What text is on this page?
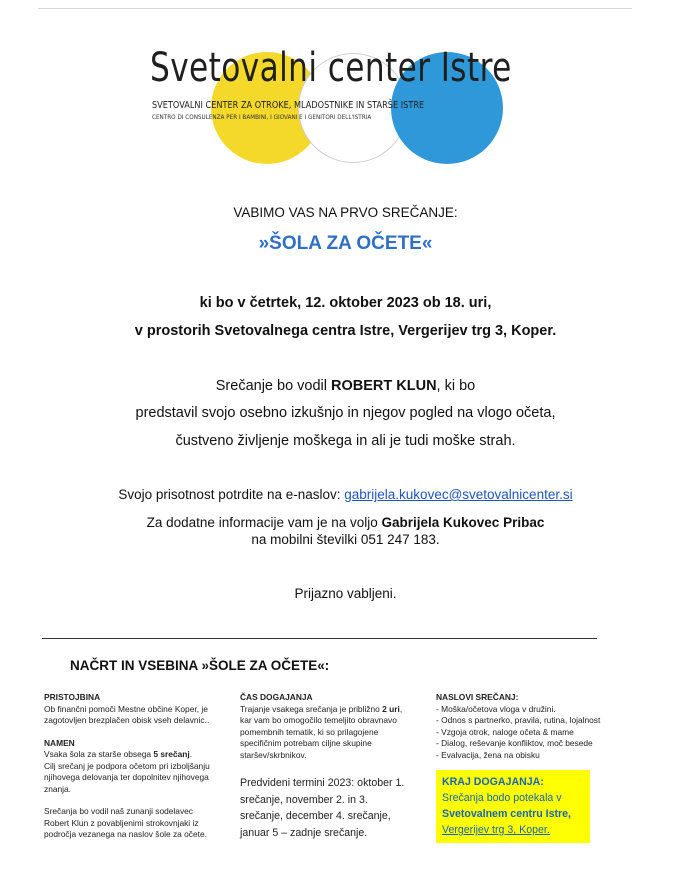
Svetovalni center Istre
SVETOVALNI CENTER ZA OTROKE, MLADOSTNIKE IN STARŠE ISTRE
CENTRO DI CONSULENZA PER I BAMBINI, I GIOVANI E I GENITORI DELL'ISTRIA
VABIMO VAS NA PRVO SREČANJE:
»ŠOLA ZA OČETE«
ki bo v četrtek, 12. oktober 2023 ob 18. uri,
v prostorih Svetovalnega centra Istre, Vergerijev trg 3, Koper.
Srečanje bo vodil ROBERT KLUN, ki bo
predstavil svojo osebno izkušnjo in njegov pogled na vlogo očeta,
čustveno življenje moškega in ali je tudi moške strah.
Svojo prisotnost potrdite na e-naslov: gabrijela.kukovec@svetovalnicenter.si
Za dodatne informacije vam je na voljo Gabrijela Kukovec Pribac
na mobilni številki 051 247 183.
Prijazno vabljeni.
NAČRT IN VSEBINA »ŠOLE ZA OČETE«:
PRISTOJBINA
Ob finančni pomoči Mestne občine Koper, je
zagotovljen brezplačen obisk vseh delavnic..
NAMEN
Vsaka šola za starše obsega 5 srečanj.
Cilj srečanj je podpora očetom pri izboljšanju
njihovega delovanja ter dopolnitev njihovega
znanja.
Srečanja bo vodil naš zunanji sodelavec
Robert Klun z povabljenimi strokovnjaki iz
področja vezanega na naslov šole za očete.
ČAS DOGAJANJA
Trajanje vsakega srečanja je približno 2 uri,
kar vam bo omogočilo temeljito obravnavo
pomembnih tematik, ki so prilagojene
specifičnim potrebam ciljne skupine
staršev/skrbnikov.
Predvideni termini 2023: oktober 1.
srečanje, november 2. in 3.
srečanje, december 4. srečanje,
januar 5 – zadnje srečanje.
NASLOVI SREČANJ:
- Moška/očetova vloga v družini.
- Odnos s partnerko, pravila, rutina, lojalnost
- Vzgoja otrok, naloge očeta & mame
- Dialog, reševanje konfliktov, moč besede
- Evalvacija, žena na obisku
KRAJ DOGAJANJA:
Srečanja bodo potekala v
Svetovalnem centru Istre,
Vergerijev trg 3, Koper.
